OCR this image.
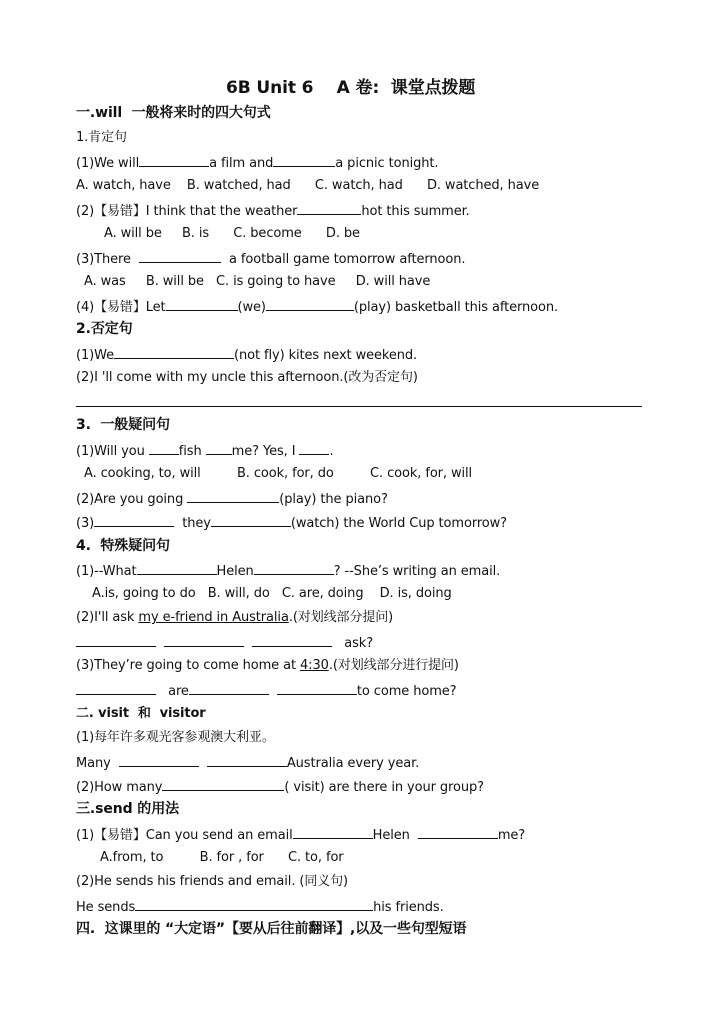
6B Unit 6    A 卷:  课堂点拨题
一.will  一般将来时的四大句式
1.肯定句
(1)We will	a film and	a picnic tonight.
A. watch, have B. watched, had C. watch, had D. watched, have
(2)【易错】I think that the weather	hot this summer.
A. will be B. is C. become D. be
(3)There	a football game tomorrow afternoon.
A. was B. will be C. is going to have D. will have
(4)【易错】Let	(we)	(play) basketball this afternoon.
2.否定句
(1)We	(not fly) kites next weekend.
(2)I 'll come with my uncle this afternoon.(改为否定句)
3.  一般疑问句
(1)Will you	fish me? Yes, I	.
A. cooking, to, will	B. cook, for, do	C. cook, for, will
(2)Are you going	(play) the piano?
(3)	they	(watch) the World Cup tomorrow?
4.  特殊疑问句
(1)--What	Helen	? --She’s writing an email.
A.is, going to do B. will, do C. are, doing D. is, doing
(2)I'll ask my e-friend in Australia.(对划线部分提问)
ask?
(3)They’re going to come home at 4:30.(对划线部分进行提问)
are	to come home?
二. visit  和  visitor
(1)每年许多观光客参观澳大利亚。
Many	Australia every year.
(2)How many	( visit) are there in your group?
三.send 的用法
(1)【易错】Can you send an email	Helen	me?
A.from, to	B. for , for C. to, for
(2)He sends his friends and email. (同义句)
He sends	his friends.
四.  这课里的 “大定语”【要从后往前翻译】,以及一些句型短语
